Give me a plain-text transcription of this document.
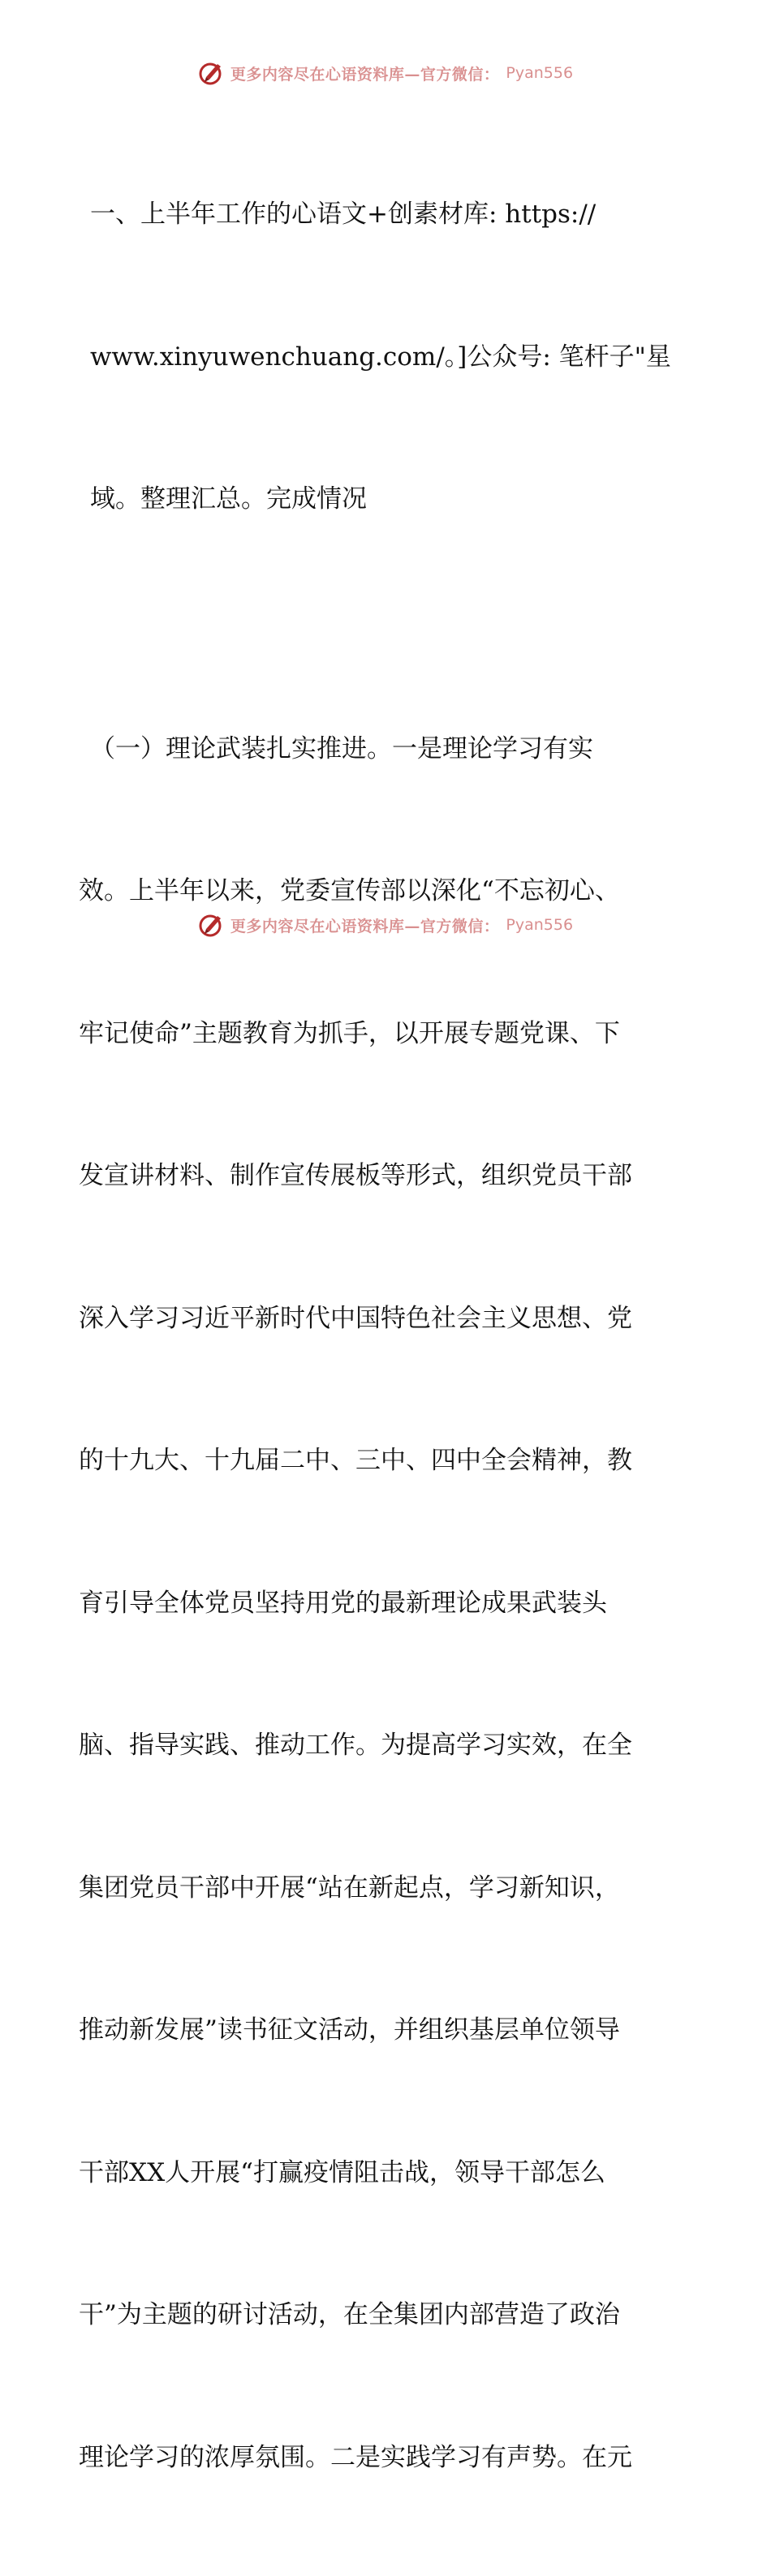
更多内容尽在心语资料库—官方微信： Pyan556

一、上半年工作的心语文+创素材库: https://

www.xinyuwenchuang.com/。]公众号: 笔杆子"星

域。整理汇总。完成情况

（一）理论武装扎实推进。一是理论学习有实

效。上半年以来，党委宣传部以深化“不忘初心、

牢记使命”主题教育为抓手，以开展专题党课、下

发宣讲材料、制作宣传展板等形式，组织党员干部

深入学习习近平新时代中国特色社会主义思想、党

的十九大、十九届二中、三中、四中全会精神，教

育引导全体党员坚持用党的最新理论成果武装头

脑、指导实践、推动工作。为提高学习实效，在全

集团党员干部中开展“站在新起点，学习新知识，

推动新发展”读书征文活动，并组织基层单位领导

干部XX人开展“打赢疫情阻击战，领导干部怎么

干”为主题的研讨活动，在全集团内部营造了政治

理论学习的浓厚氛围。二是实践学习有声势。在元

更多内容尽在心语资料库—官方微信： Pyan556
